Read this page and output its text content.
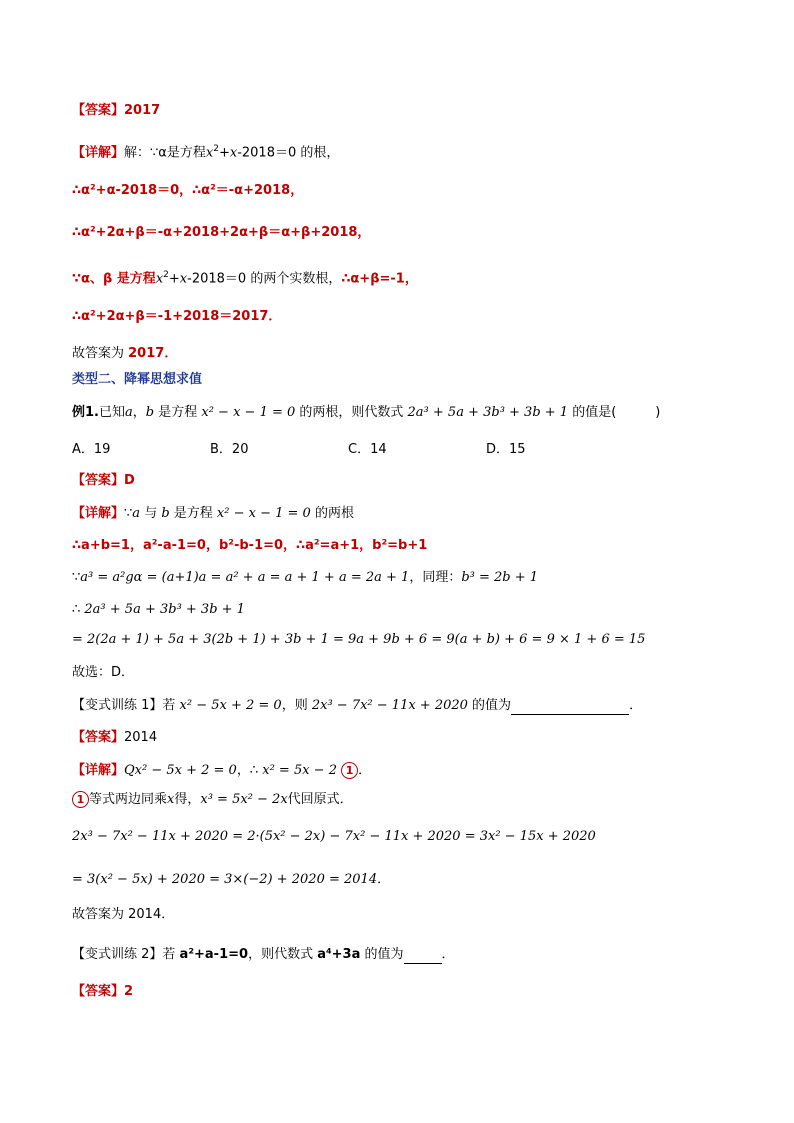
【答案】2017
【详解】解：∵α是方程$x^2+x-2018=0$ 的根，
∴α²+α-2018＝0，∴α²＝-α+2018，
∴α²+2α+β＝-α+2018+2α+β＝α+β+2018，
∵α、β 是方程$x^2+x-2018=0$ 的两个实数根，∴α+β=-1，
∴α²+2α+β＝-1+2018＝2017．
故答案为 2017．
类型二、降幂思想求值
例1.已知a，b 是方程 x² − x − 1 = 0 的两根，则代数式 2a³ + 5a + 3b³ + 3b + 1 的值是(　　　)
A．19	B．20	C．14	D．15
【答案】D
【详解】∵a 与 b 是方程 x² − x − 1 = 0 的两根
∴a+b=1，a²-a-1=0，b²-b-1=0，∴a²=a+1，b²=b+1
∵a³ = a²gα = (a+1)a = a² + a = a + 1 + a = 2a + 1，同理：b³ = 2b + 1
∴ 2a³ + 5a + 3b³ + 3b + 1
= 2(2a + 1) + 5a + 3(2b + 1) + 3b + 1 = 9a + 9b + 6 = 9(a + b) + 6 = 9 × 1 + 6 = 15
故选：D．
【变式训练 1】若 x² − 5x + 2 = 0，则 2x³ − 7x² − 11x + 2020 的值为	．
【答案】2014
【详解】Qx² − 5x + 2 = 0，∴ x² = 5x − 2 1 ．
1 等式两边同乘x得，x³ = 5x² − 2x代回原式．
2x³ − 7x² − 11x + 2020 = 2·(5x² − 2x) − 7x² − 11x + 2020 = 3x² − 15x + 2020
= 3(x² − 5x) + 2020 = 3×(−2) + 2020 = 2014．
故答案为 2014．
【变式训练 2】若 a²+a-1=0，则代数式 a⁴+3a 的值为	．
【答案】2
